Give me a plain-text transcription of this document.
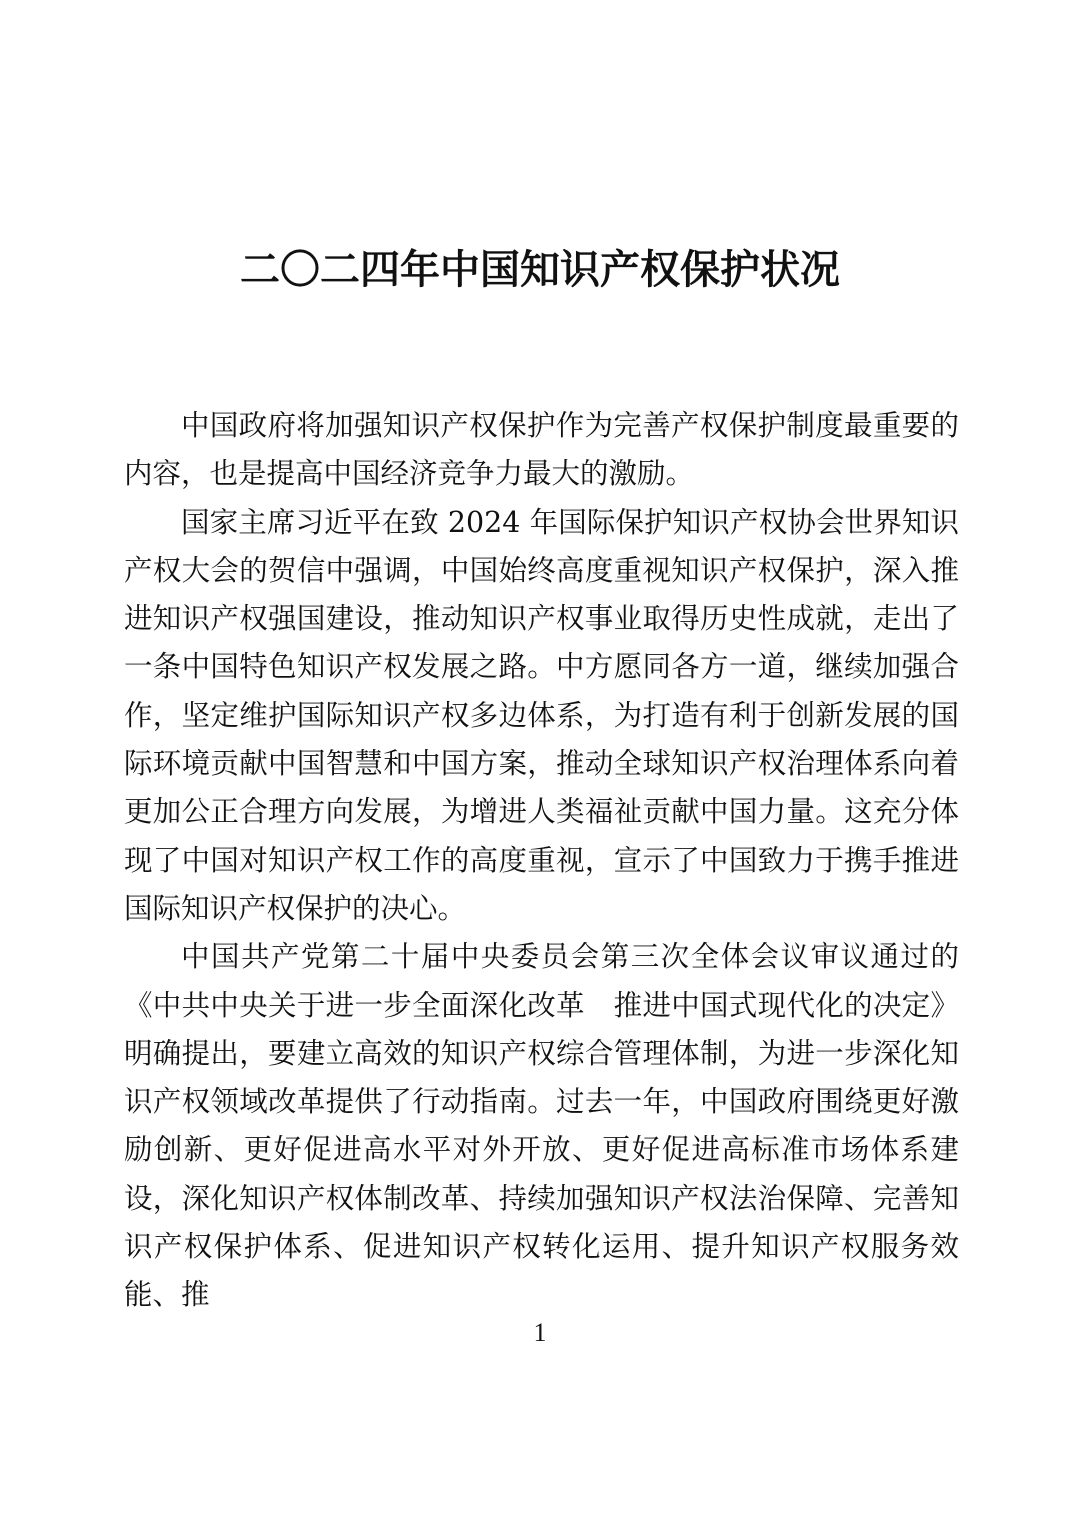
二〇二四年中国知识产权保护状况

中国政府将加强知识产权保护作为完善产权保护制度最重要的内容，也是提高中国经济竞争力最大的激励。

国家主席习近平在致 2024 年国际保护知识产权协会世界知识产权大会的贺信中强调，中国始终高度重视知识产权保护，深入推进知识产权强国建设，推动知识产权事业取得历史性成就，走出了一条中国特色知识产权发展之路。中方愿同各方一道，继续加强合作，坚定维护国际知识产权多边体系，为打造有利于创新发展的国际环境贡献中国智慧和中国方案，推动全球知识产权治理体系向着更加公正合理方向发展，为增进人类福祉贡献中国力量。这充分体现了中国对知识产权工作的高度重视，宣示了中国致力于携手推进国际知识产权保护的决心。

中国共产党第二十届中央委员会第三次全体会议审议通过的《中共中央关于进一步全面深化改革　推进中国式现代化的决定》明确提出，要建立高效的知识产权综合管理体制，为进一步深化知识产权领域改革提供了行动指南。过去一年，中国政府围绕更好激励创新、更好促进高水平对外开放、更好促进高标准市场体系建设，深化知识产权体制改革、持续加强知识产权法治保障、完善知识产权保护体系、促进知识产权转化运用、提升知识产权服务效能、推

1
